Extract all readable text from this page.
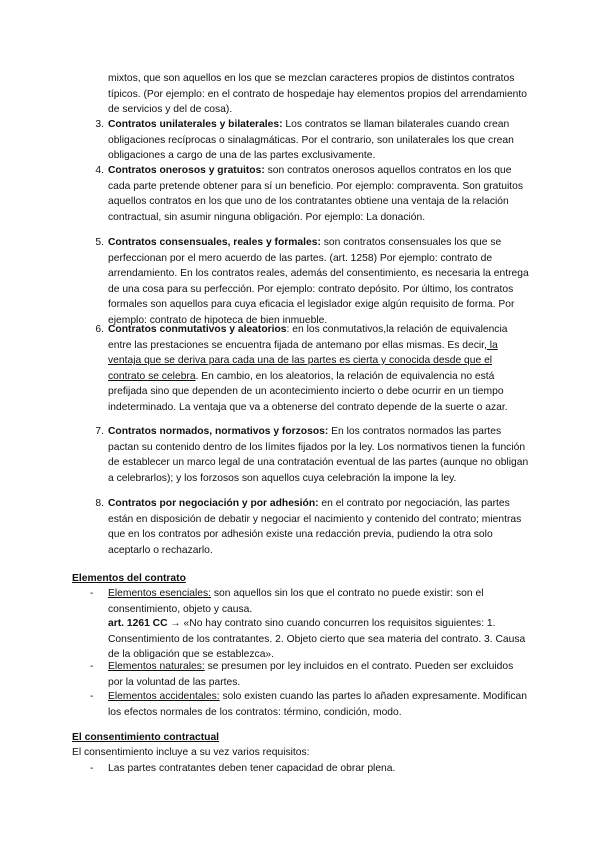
mixtos, que son aquellos en los que se mezclan caracteres propios de distintos contratos típicos. (Por ejemplo: en el contrato de hospedaje hay elementos propios del arrendamiento de servicios y del de cosa).
3. Contratos unilaterales y bilaterales: Los contratos se llaman bilaterales cuando crean obligaciones recíprocas o sinalagmáticas. Por el contrario, son unilaterales los que crean obligaciones a cargo de una de las partes exclusivamente.
4. Contratos onerosos y gratuitos: son contratos onerosos aquellos contratos en los que cada parte pretende obtener para sí un beneficio. Por ejemplo: compraventa. Son gratuitos aquellos contratos en los que uno de los contratantes obtiene una ventaja de la relación contractual, sin asumir ninguna obligación. Por ejemplo: La donación.
5. Contratos consensuales, reales y formales: son contratos consensuales los que se perfeccionan por el mero acuerdo de las partes. (art. 1258) Por ejemplo: contrato de arrendamiento. En los contratos reales, además del consentimiento, es necesaria la entrega de una cosa para su perfección. Por ejemplo: contrato depósito. Por último, los contratos formales son aquellos para cuya eficacia el legislador exige algún requisito de forma. Por ejemplo: contrato de hipoteca de bien inmueble.
6. Contratos conmutativos y aleatorios: en los conmutativos,la relación de equivalencia entre las prestaciones se encuentra fijada de antemano por ellas mismas. Es decir, la ventaja que se deriva para cada una de las partes es cierta y conocida desde que el contrato se celebra. En cambio, en los aleatorios, la relación de equivalencia no está prefijada sino que dependen de un acontecimiento incierto o debe ocurrir en un tiempo indeterminado. La ventaja que va a obtenerse del contrato depende de la suerte o azar.
7. Contratos normados, normativos y forzosos: En los contratos normados las partes pactan su contenido dentro de los límites fijados por la ley. Los normativos tienen la función de establecer un marco legal de una contratación eventual de las partes (aunque no obligan a celebrarlos); y los forzosos son aquellos cuya celebración la impone la ley.
8. Contratos por negociación y por adhesión: en el contrato por negociación, las partes están en disposición de debatir y negociar el nacimiento y contenido del contrato; mientras que en los contratos por adhesión existe una redacción previa, pudiendo la otra solo aceptarlo o rechazarlo.
Elementos del contrato
-	Elementos esenciales: son aquellos sin los que el contrato no puede existir: son el consentimiento, objeto y causa.
art. 1261 CC → «No hay contrato sino cuando concurren los requisitos siguientes: 1. Consentimiento de los contratantes. 2. Objeto cierto que sea materia del contrato. 3. Causa de la obligación que se establezca».
-	Elementos naturales: se presumen por ley incluidos en el contrato. Pueden ser excluidos por la voluntad de las partes.
-	Elementos accidentales: solo existen cuando las partes lo añaden expresamente. Modifican los efectos normales de los contratos: término, condición, modo.
El consentimiento contractual
El consentimiento incluye a su vez varios requisitos:
-	Las partes contratantes deben tener capacidad de obrar plena.
